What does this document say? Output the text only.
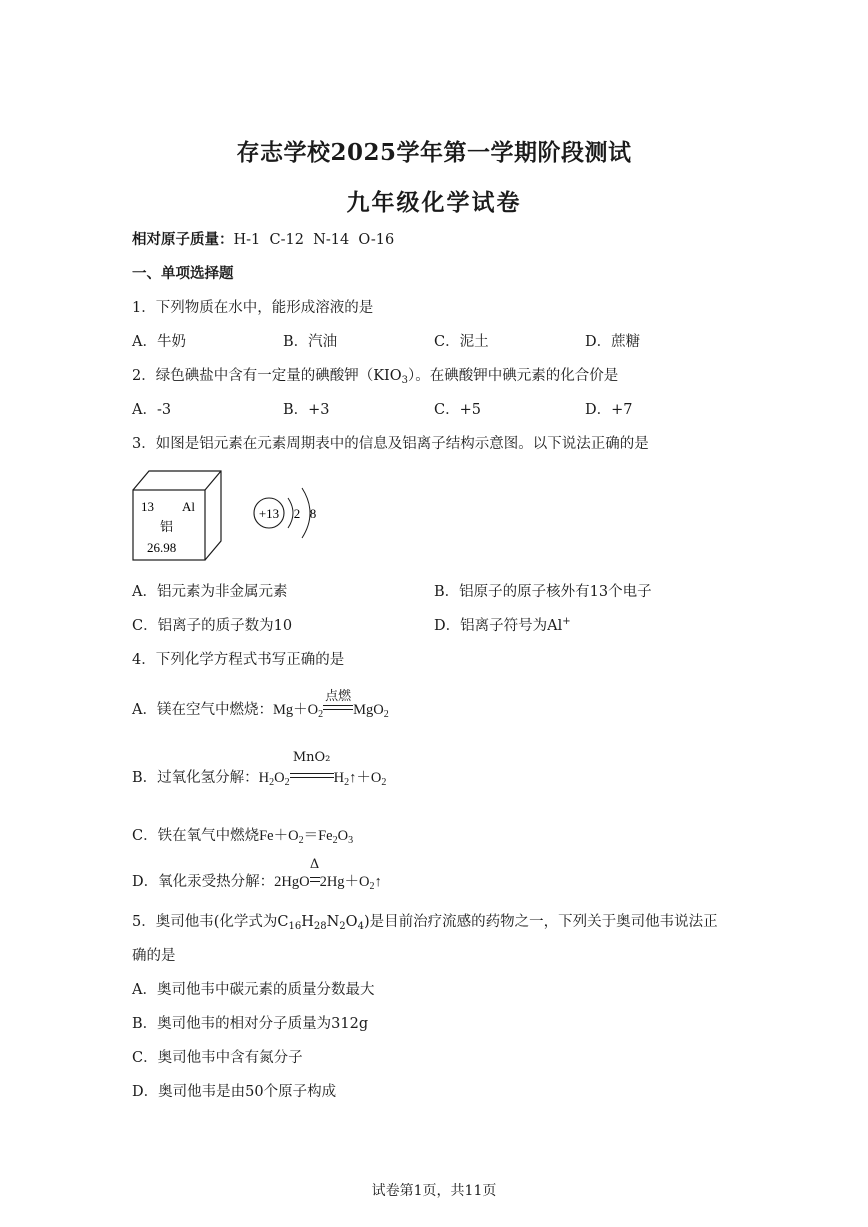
存志学校2025学年第一学期阶段测试
九年级化学试卷
相对原子质量：H-1  C-12  N-14  O-16
一、单项选择题
1．下列物质在水中，能形成溶液的是
A．牛奶	B．汽油	C．泥土	D．蔗糖
2．绿色碘盐中含有一定量的碘酸钾$(KIO_3)$。在碘酸钾中碘元素的化合价是
A．-3	B．+3	C．+5	D．+7
3．如图是铝元素在元素周期表中的信息及铝离子结构示意图。以下说法正确的是
13 Al
铝
26.98
+13 2 8
A．铝元素为非金属元素	B．铝原子的原子核外有13个电子
C．铝离子的质子数为10	D．铝离子符号为Al+
4．下列化学方程式书写正确的是
A．镁在空气中燃烧：$Mg+O_2$
点燃
MgO$_2$
B．过氧化氢分解：$H_2O_2$
MnO₂
$H_2↑+O_2$
C．铁在氧气中燃烧$Fe+O_2=Fe_2O_3$
D．氧化汞受热分解：2HgO
Δ
$2Hg+O_2↑$
5．奥司他韦(化学式为$C_{16}H_{28}N_2O_4$)是目前治疗流感的药物之一，下列关于奥司他韦说法正
确的是
A．奥司他韦中碳元素的质量分数最大
B．奥司他韦的相对分子质量为312g
C．奥司他韦中含有氮分子
D．奥司他韦是由50个原子构成
试卷第1页，共11页
